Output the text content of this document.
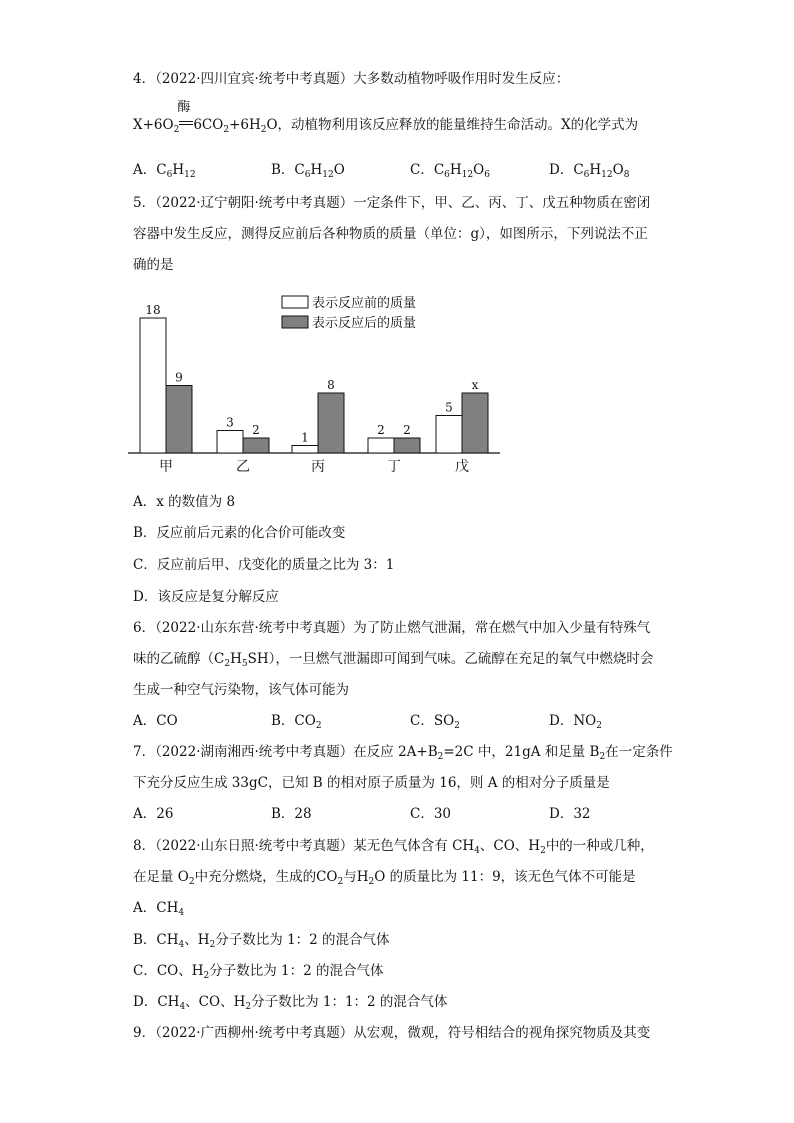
4．（2022·四川宜宾·统考中考真题）大多数动植物呼吸作用时发生反应：
$X+6O_2$
酶
$6CO_2+6H_2O$，动植物利用该反应释放的能量维持生命活动。X的化学式为
A．$C_6H_{12}$	B．$C_6H_{12}O$	C．$C_6H_{12}O_6$	D．$C_6H_{12}O_8$
5．（2022·辽宁朝阳·统考中考真题）一定条件下，甲、乙、丙、丁、戊五种物质在密闭
容器中发生反应，测得反应前后各种物质的质量（单位：g），如图所示，下列说法不正
确的是
18
9
甲
3
2
乙
1
8
丙
2 2
丁
5
x
戊
表示反应前的质量
表示反应后的质量
A．x 的数值为 8
B．反应前后元素的化合价可能改变
C．反应前后甲、戊变化的质量之比为 3：1
D．该反应是复分解反应
6．（2022·山东东营·统考中考真题）为了防止燃气泄漏，常在燃气中加入少量有特殊气
味的乙硫醇$(C_2H_5SH)$，一旦燃气泄漏即可闻到气味。乙硫醇在充足的氧气中燃烧时会
生成一种空气污染物，该气体可能为
A．CO	B．$CO_2$	C．$SO_2$	D．$NO_2$
7．（2022·湖南湘西·统考中考真题）在反应 $2A+B_2=2C$ 中，21gA 和足量 $B_2$在一定条件
下充分反应生成 33gC，已知 B 的相对原子质量为 16，则 A 的相对分子质量是
A．26	B．28	C．30	D．32
8．（2022·山东日照·统考中考真题）某无色气体含有 $CH_4$、CO、$H_2$中的一种或几种，
在足量 $O_2$中充分燃烧，生成的$CO_2$与$H_2O$ 的质量比为 11：9，该无色气体不可能是
A．$CH_4$
B．$CH_4$、$H_2$分子数比为 1：2 的混合气体
C．CO、$H_2$分子数比为 1：2 的混合气体
D．$CH_4$、CO、$H_2$分子数比为 1：1：2 的混合气体
9．（2022·广西柳州·统考中考真题）从宏观，微观，符号相结合的视角探究物质及其变
